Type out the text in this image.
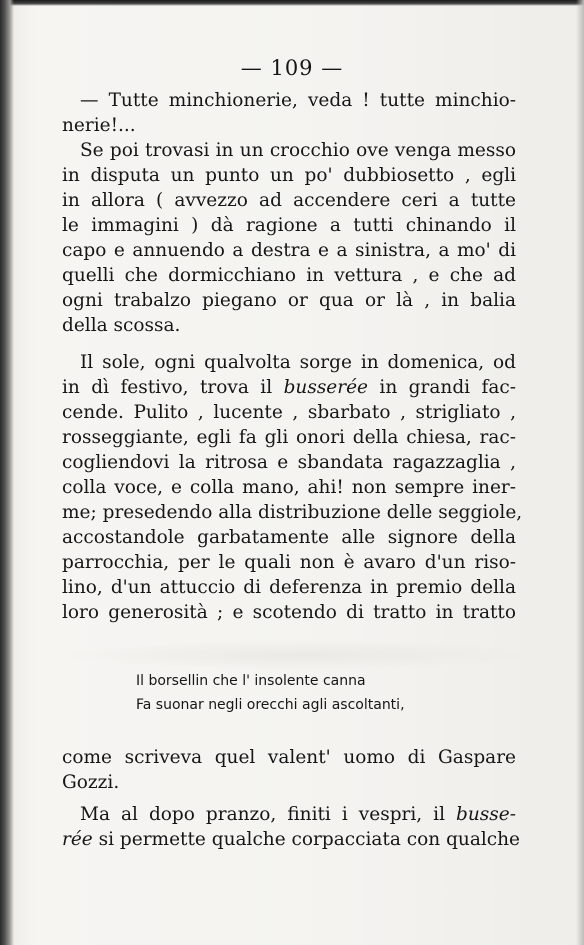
— 109 —
— Tutte minchionerie, veda ! tutte minchio-
nerie!...
Se poi trovasi in un crocchio ove venga messo
in disputa un punto un po' dubbiosetto , egli
in allora ( avvezzo ad accendere ceri a tutte
le immagini ) dà ragione a tutti chinando il
capo e annuendo a destra e a sinistra, a mo' di
quelli che dormicchiano in vettura , e che ad
ogni trabalzo piegano or qua or là , in balia
della scossa.
Il sole, ogni qualvolta sorge in domenica, od
in dì festivo, trova il busserée in grandi fac-
cende. Pulito , lucente , sbarbato , strigliato ,
rosseggiante, egli fa gli onori della chiesa, rac-
cogliendovi la ritrosa e sbandata ragazzaglia ,
colla voce, e colla mano, ahi! non sempre iner-
me; presedendo alla distribuzione delle seggiole,
accostandole garbatamente alle signore della
parrocchia, per le quali non è avaro d'un riso-
lino, d'un attuccio di deferenza in premio della
loro generosità ; e scotendo di tratto in tratto
Il borsellin che l' insolente canna
Fa suonar negli orecchi agli ascoltanti,
come scriveva quel valent' uomo di Gaspare
Gozzi.
Ma al dopo pranzo, finiti i vespri, il busse-
rée si permette qualche corpacciata con qualche
